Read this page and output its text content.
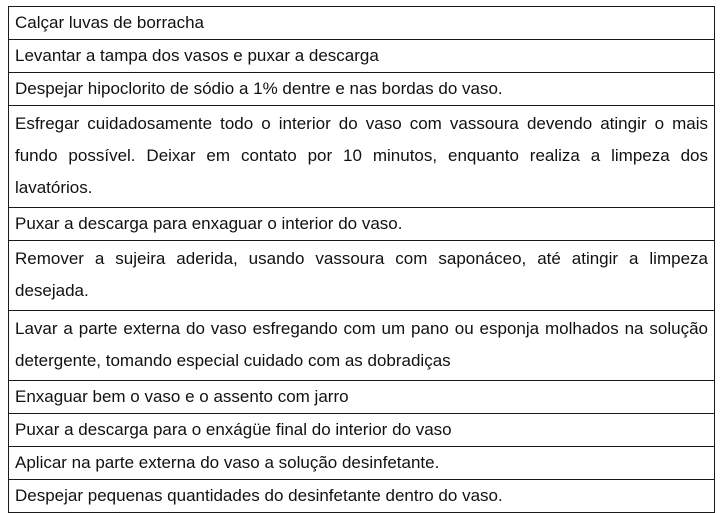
Calçar luvas de borracha
Levantar a tampa dos vasos e puxar a descarga
Despejar hipoclorito de sódio a 1% dentre e nas bordas do vaso.
Esfregar cuidadosamente todo o interior do vaso com vassoura devendo atingir o mais fundo possível. Deixar em contato por 10 minutos, enquanto realiza a limpeza dos lavatórios.
Puxar a descarga para enxaguar o interior do vaso.
Remover a sujeira aderida, usando vassoura com saponáceo, até atingir a limpeza desejada.
Lavar a parte externa do vaso esfregando com um pano ou esponja molhados na solução detergente, tomando especial cuidado com as dobradiças
Enxaguar bem o vaso e o assento com jarro
Puxar a descarga para o enxágüe final do interior do vaso
Aplicar na parte externa do vaso a solução desinfetante.
Despejar pequenas quantidades do desinfetante dentro do vaso.
